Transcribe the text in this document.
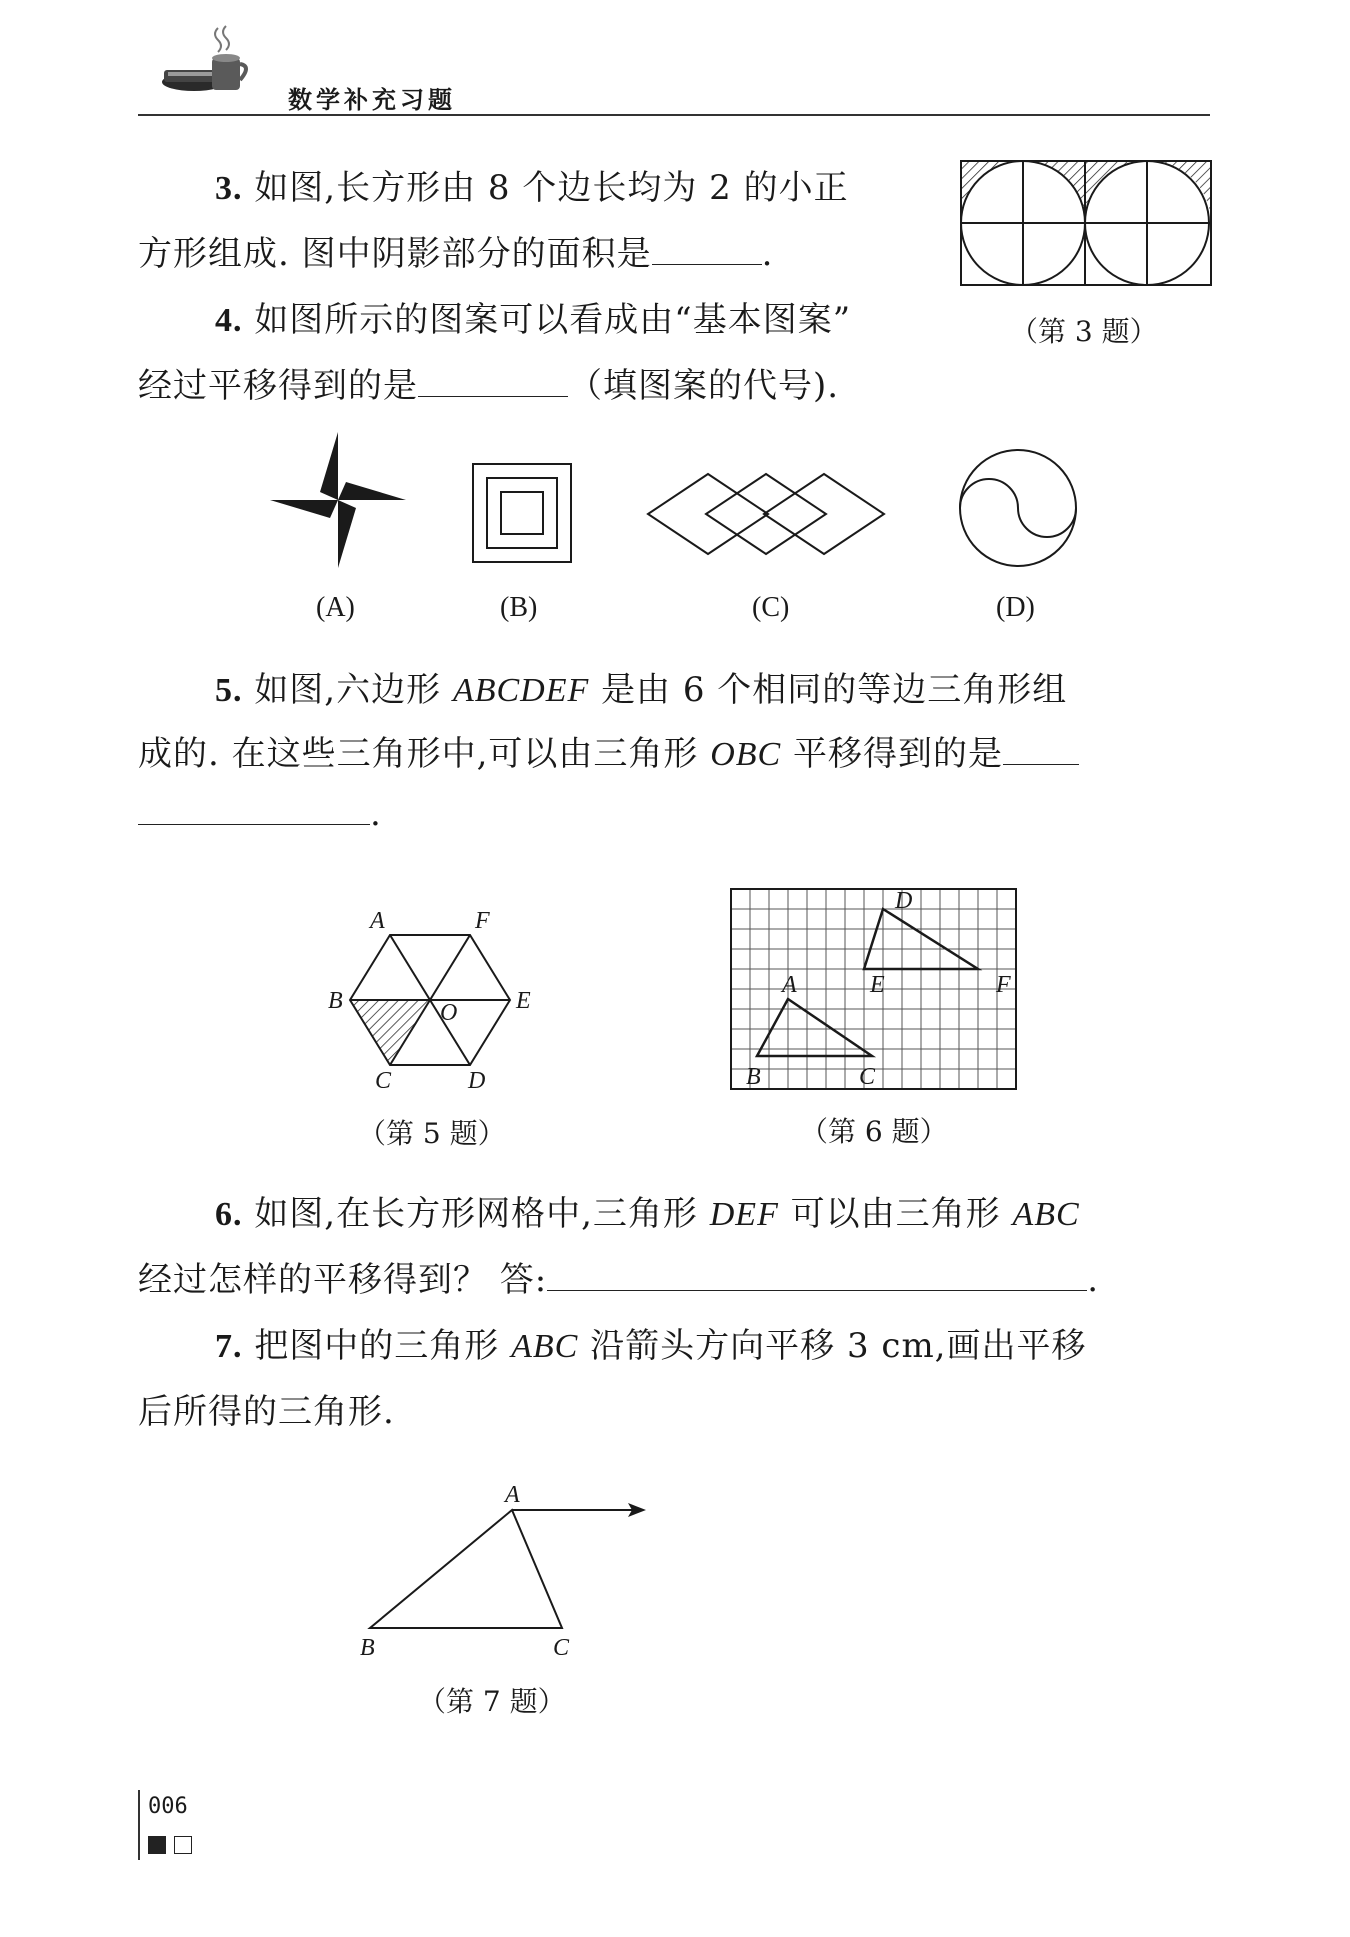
数学补充习题
3. 如图,长方形由 8 个边长均为 2 的小正
方形组成. 图中阴影部分的面积是	.
（第 3 题）
4. 如图所示的图案可以看成由“基本图案”
经过平移得到的是	（填图案的代号).
(A)	(B)	(C)	(D)
5. 如图,六边形 ABCDEF 是由 6 个相同的等边三角形组
成的. 在这些三角形中,可以由三角形 OBC 平移得到的是
.
A	F
B	O E
C	D
（第 5 题）
D
A	E	F
B	C
（第 6 题）
6. 如图,在长方形网格中,三角形 DEF 可以由三角形 ABC
经过怎样的平移得到？ 答:	.
7. 把图中的三角形 ABC 沿箭头方向平移 3 cm,画出平移
后所得的三角形.
A
B	C
（第 7 题）
006
